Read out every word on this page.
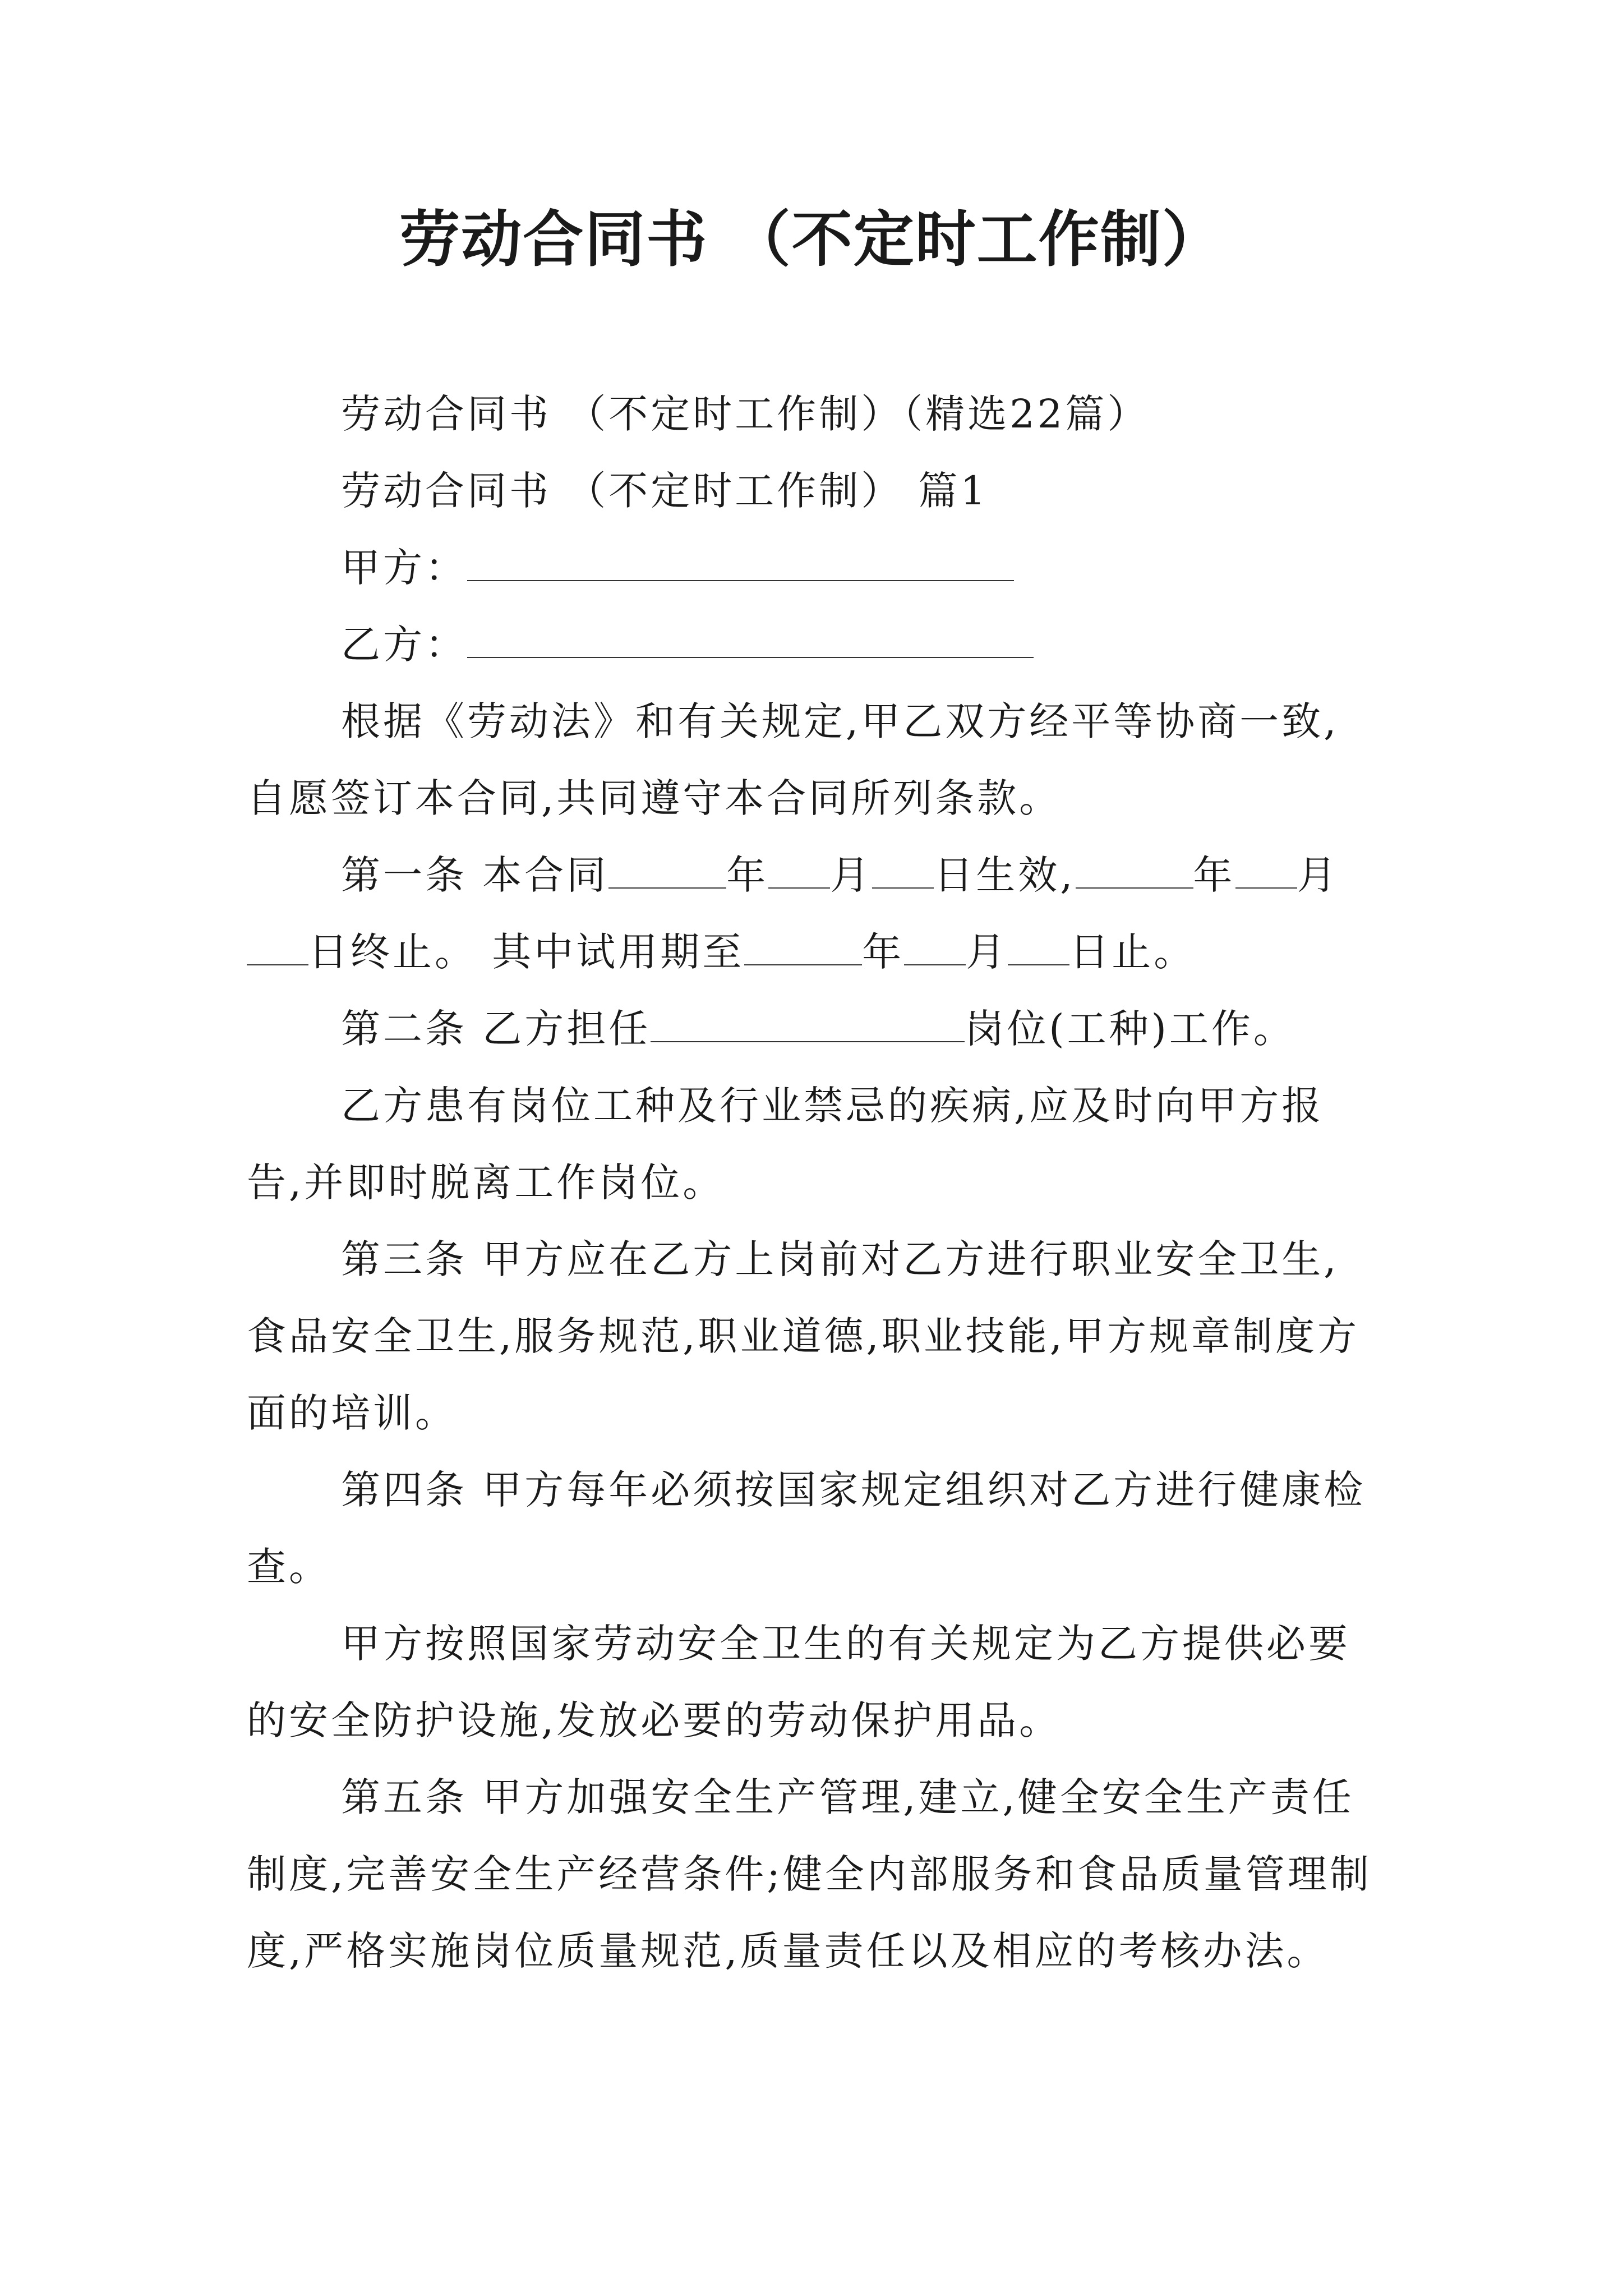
劳动合同书 （不定时工作制）

劳动合同书 （不定时工作制）（精选22篇）

劳动合同书 （不定时工作制） 篇1

甲方：

乙方：

根据《劳动法》和有关规定,甲乙双方经平等协商一致,自愿签订本合同,共同遵守本合同所列条款。

第一条 本合同	年 月 日生效,	年 月日终止。 其中试用期至	年 月 日止。

第二条 乙方担任	岗位(工种)工作。

乙方患有岗位工种及行业禁忌的疾病,应及时向甲方报告,并即时脱离工作岗位。

第三条 甲方应在乙方上岗前对乙方进行职业安全卫生,食品安全卫生,服务规范,职业道德,职业技能,甲方规章制度方面的培训。

第四条 甲方每年必须按国家规定组织对乙方进行健康检查。

甲方按照国家劳动安全卫生的有关规定为乙方提供必要的安全防护设施,发放必要的劳动保护用品。

第五条 甲方加强安全生产管理,建立,健全安全生产责任制度,完善安全生产经营条件;健全内部服务和食品质量管理制度,严格实施岗位质量规范,质量责任以及相应的考核办法。
